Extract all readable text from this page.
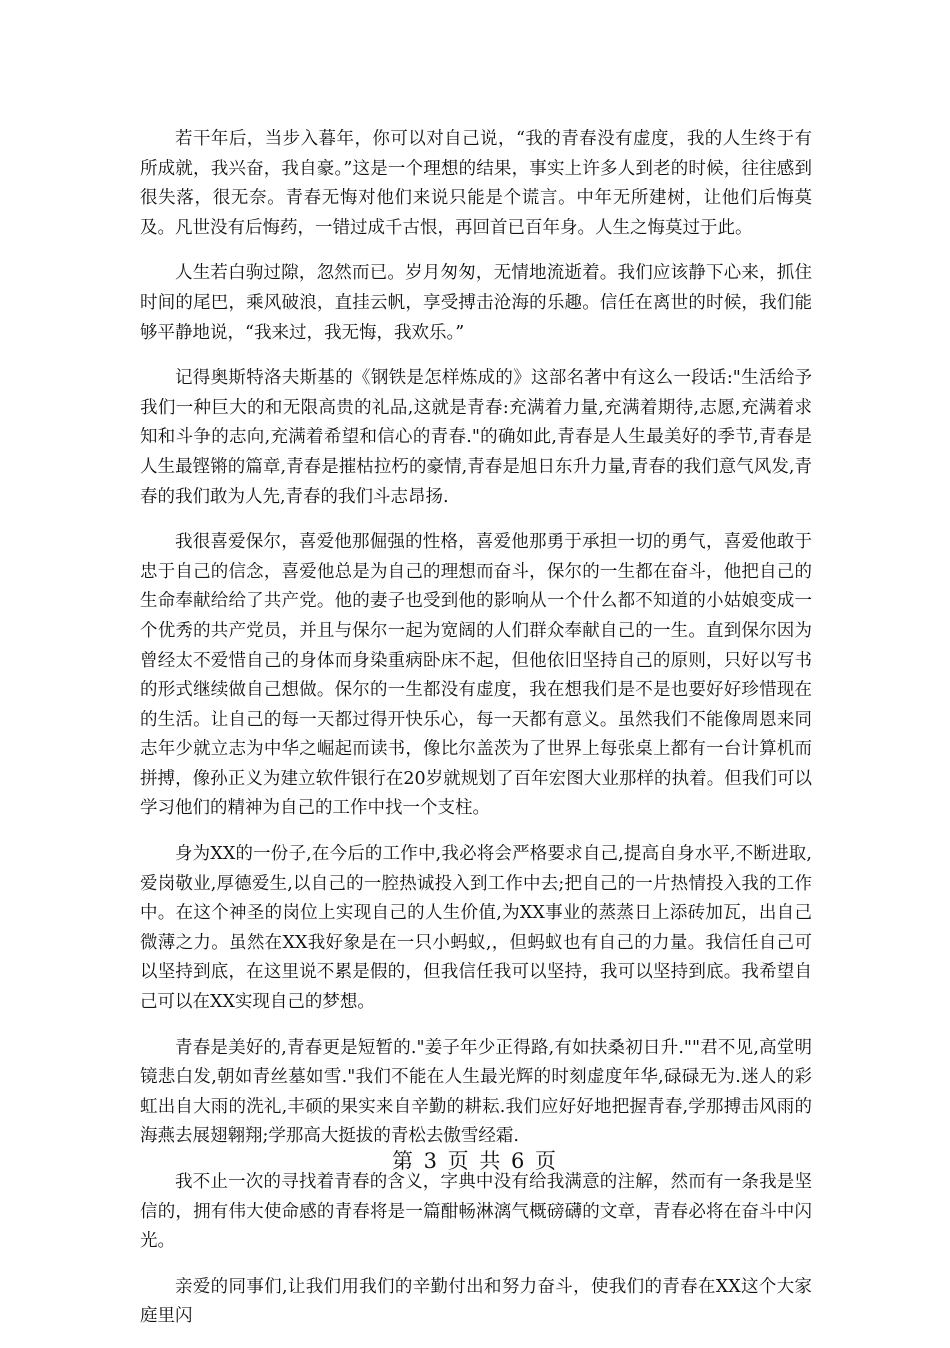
若干年后，当步入暮年，你可以对自己说，“我的青春没有虚度，我的人生终于有所成就，我兴奋，我自豪。”这是一个理想的结果，事实上许多人到老的时候，往往感到很失落，很无奈。青春无悔对他们来说只能是个谎言。中年无所建树，让他们后悔莫及。凡世没有后悔药，一错过成千古恨，再回首已百年身。人生之悔莫过于此。

人生若白驹过隙，忽然而已。岁月匆匆，无情地流逝着。我们应该静下心来，抓住时间的尾巴，乘风破浪，直挂云帆，享受搏击沧海的乐趣。信任在离世的时候，我们能够平静地说，“我来过，我无悔，我欢乐。”

记得奥斯特洛夫斯基的《钢铁是怎样炼成的》这部名著中有这么一段话:"生活给予我们一种巨大的和无限高贵的礼品,这就是青春:充满着力量,充满着期待,志愿,充满着求知和斗争的志向,充满着希望和信心的青春."的确如此,青春是人生最美好的季节,青春是人生最铿锵的篇章,青春是摧枯拉朽的豪情,青春是旭日东升力量,青春的我们意气风发,青春的我们敢为人先,青春的我们斗志昂扬.

我很喜爱保尔，喜爱他那倔强的性格，喜爱他那勇于承担一切的勇气，喜爱他敢于忠于自己的信念，喜爱他总是为自己的理想而奋斗，保尔的一生都在奋斗，他把自己的生命奉献给给了共产党。他的妻子也受到他的影响从一个什么都不知道的小姑娘变成一个优秀的共产党员，并且与保尔一起为宽阔的人们群众奉献自己的一生。直到保尔因为曾经太不爱惜自己的身体而身染重病卧床不起，但他依旧坚持自己的原则，只好以写书的形式继续做自己想做。保尔的一生都没有虚度，我在想我们是不是也要好好珍惜现在的生活。让自己的每一天都过得开快乐心，每一天都有意义。虽然我们不能像周恩来同志年少就立志为中华之崛起而读书，像比尔盖茨为了世界上每张桌上都有一台计算机而拼搏，像孙正义为建立软件银行在20岁就规划了百年宏图大业那样的执着。但我们可以学习他们的精神为自己的工作中找一个支柱。

身为XX的一份子,在今后的工作中,我必将会严格要求自己,提高自身水平,不断进取,爱岗敬业,厚德爱生,以自己的一腔热诚投入到工作中去;把自己的一片热情投入我的工作中。在这个神圣的岗位上实现自己的人生价值,为XX事业的蒸蒸日上添砖加瓦，出自己微薄之力。虽然在XX我好象是在一只小蚂蚁,，但蚂蚁也有自己的力量。我信任自己可以坚持到底，在这里说不累是假的，但我信任我可以坚持，我可以坚持到底。我希望自己可以在XX实现自己的梦想。

青春是美好的,青春更是短暂的."姜子年少正得路,有如扶桑初日升.""君不见,高堂明镜悲白发,朝如青丝墓如雪."我们不能在人生最光辉的时刻虚度年华,碌碌无为.迷人的彩虹出自大雨的洗礼,丰硕的果实来自辛勤的耕耘.我们应好好地把握青春,学那搏击风雨的海燕去展翅翱翔;学那高大挺拔的青松去傲雪经霜.

我不止一次的寻找着青春的含义，字典中没有给我满意的注解，然而有一条我是坚信的，拥有伟大使命感的青春将是一篇酣畅淋漓气概磅礴的文章，青春必将在奋斗中闪光。

亲爱的同事们,让我们用我们的辛勤付出和努力奋斗，使我们的青春在XX这个大家庭里闪

第 3 页 共 6 页
